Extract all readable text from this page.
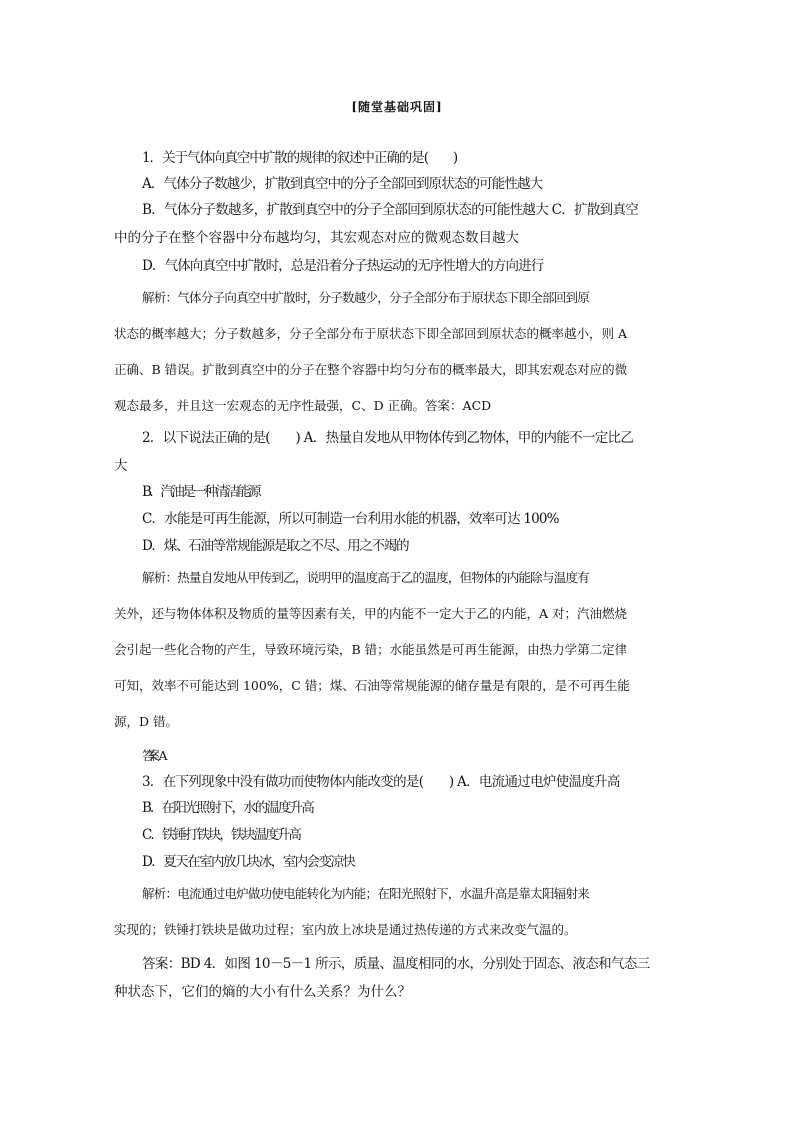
[随堂基础巩固]
1．关于气体向真空中扩散的规律的叙述中正确的是(　　)
A．气体分子数越少，扩散到真空中的分子全部回到原状态的可能性越大
B．气体分子数越多，扩散到真空中的分子全部回到原状态的可能性越大 C．扩散到真空
中的分子在整个容器中分布越均匀，其宏观态对应的微观态数目越大
D．气体向真空中扩散时，总是沿着分子热运动的无序性增大的方向进行
解析：气体分子向真空中扩散时，分子数越少，分子全部分布于原状态下即全部回到原
状态的概率越大；分子数越多，分子全部分布于原状态下即全部回到原状态的概率越小，则 A
正确、B 错误。扩散到真空中的分子在整个容器中均匀分布的概率最大，即其宏观态对应的微
观态最多，并且这一宏观态的无序性最强，C、D 正确。答案：ACD
2．以下说法正确的是(　　) A．热量自发地从甲物体传到乙物体，甲的内能不一定比乙
大
B．汽油是一种清洁能源
C．水能是可再生能源，所以可制造一台利用水能的机器，效率可达 100%
D．煤、石油等常规能源是取之不尽、用之不竭的
解析：热量自发地从甲传到乙，说明甲的温度高于乙的温度，但物体的内能除与温度有
关外，还与物体体积及物质的量等因素有关，甲的内能不一定大于乙的内能，A 对；汽油燃烧
会引起一些化合物的产生，导致环境污染，B 错；水能虽然是可再生能源，由热力学第二定律
可知，效率不可能达到 100%，C 错；煤、石油等常规能源的储存量是有限的，是不可再生能
源，D 错。
答案：A
3．在下列现象中没有做功而使物体内能改变的是(　　) A．电流通过电炉使温度升高
B．在阳光照射下，水的温度升高
C．铁锤打铁块，铁块温度升高
D．夏天在室内放几块冰，室内会变凉快
解析：电流通过电炉做功使电能转化为内能；在阳光照射下，水温升高是靠太阳辐射来
实现的；铁锤打铁块是做功过程；室内放上冰块是通过热传递的方式来改变气温的。
答案：BD 4．如图 10－5－1 所示，质量、温度相同的水，分别处于固态、液态和气态三
种状态下，它们的熵的大小有什么关系？为什么？
